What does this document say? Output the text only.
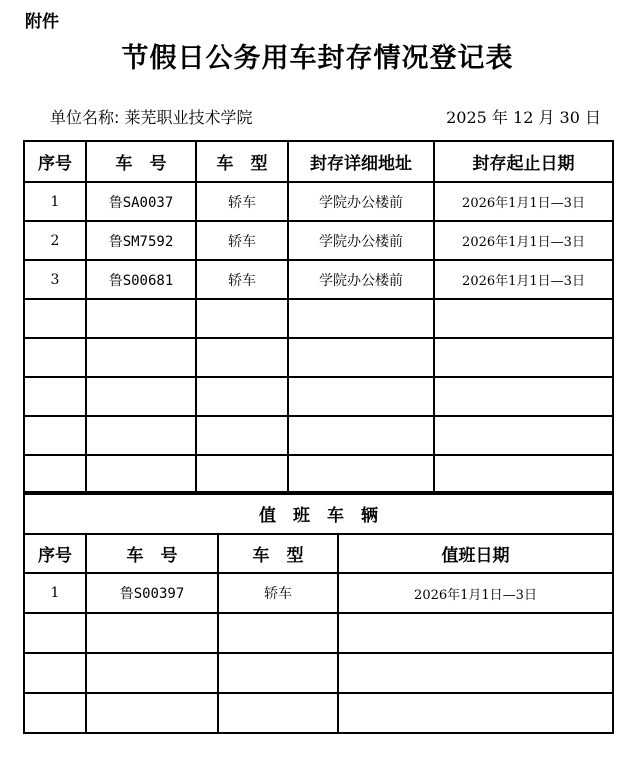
附件
节假日公务用车封存情况登记表
单位名称: 莱芜职业技术学院	2025 年 12 月 30 日
序号	车　号	车　型	封存详细地址	封存起止日期
1	鲁SA0037	轿车	学院办公楼前	2026年1月1日—3日
2	鲁SM7592	轿车	学院办公楼前	2026年1月1日—3日
3	鲁S00681	轿车	学院办公楼前	2026年1月1日—3日

值　班　车　辆			
序号	车　号	车　型	值班日期
1	鲁S00397	轿车	2026年1月1日—3日
